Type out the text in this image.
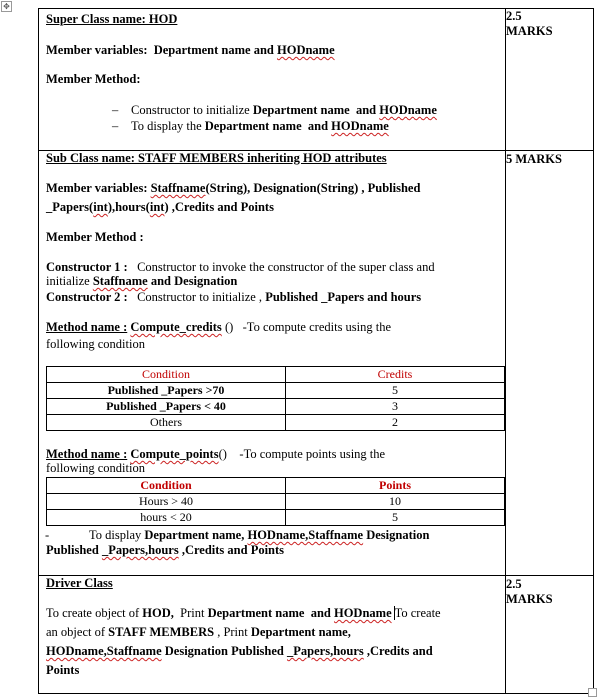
✥

Super Class name: HOD

Member variables: Department name and HODname

Member Method:

– Constructor to initialize Department name and HODname

– To display the Department name and HODname

	2.5
MARKS

Sub Class name: STAFF MEMBERS inheriting HOD attributes

Member variables: Staffname(String), Designation(String) , Published

_Papers(int),hours(int) ,Credits and Points

Member Method :

Constructor 1 : Constructor to invoke the constructor of the super class and

initialize Staffname and Designation

Constructor 2 : Constructor to initialize , Published _Papers and hours

Method name : Compute_credits () -To compute credits using the

following condition

Condition	Credits
Published _Papers >70	5
Published _Papers < 40	3
Others	2

Method name : Compute_points() -To compute points using the

following condition

Condition	Points
Hours > 40	10
hours < 20	5

-	To display Department name, HODname,Staffname Designation

Published _Papers,hours ,Credits and Points

	5 MARKS

Driver Class

To create object of HOD, Print Department name and HODname To create

an object of STAFF MEMBERS , Print Department name,

HODname,Staffname Designation Published _Papers,hours ,Credits and

Points

	2.5
MARKS
